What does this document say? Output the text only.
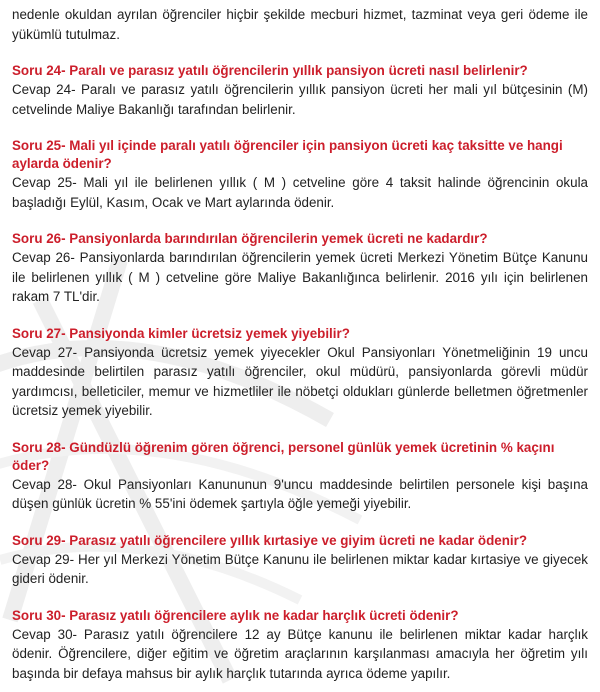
nedenle okuldan ayrılan öğrenciler hiçbir şekilde mecburi hizmet, tazminat veya geri ödeme ile yükümlü tutulmaz.

Soru 24- Paralı ve parasız yatılı öğrencilerin yıllık pansiyon ücreti nasıl belirlenir?

Cevap 24- Paralı ve parasız yatılı öğrencilerin yıllık pansiyon ücreti her mali yıl bütçesinin (M) cetvelinde Maliye Bakanlığı tarafından belirlenir.

Soru 25- Mali yıl içinde paralı yatılı öğrenciler için pansiyon ücreti kaç taksitte ve hangi aylarda ödenir?

Cevap 25- Mali yıl ile belirlenen yıllık ( M ) cetveline göre 4 taksit halinde öğrencinin okula başladığı Eylül, Kasım, Ocak ve Mart aylarında ödenir.

Soru 26- Pansiyonlarda barındırılan öğrencilerin yemek ücreti ne kadardır?

Cevap 26- Pansiyonlarda barındırılan öğrencilerin yemek ücreti Merkezi Yönetim Bütçe Kanunu ile belirlenen yıllık ( M ) cetveline göre Maliye Bakanlığınca belirlenir. 2016 yılı için belirlenen rakam 7 TL'dir.

Soru 27- Pansiyonda kimler ücretsiz yemek yiyebilir?

Cevap 27- Pansiyonda ücretsiz yemek yiyecekler Okul Pansiyonları Yönetmeliğinin 19 uncu maddesinde belirtilen parasız yatılı öğrenciler, okul müdürü, pansiyonlarda görevli müdür yardımcısı, belleticiler, memur ve hizmetliler ile nöbetçi oldukları günlerde belletmen öğretmenler ücretsiz yemek yiyebilir.

Soru 28- Gündüzlü öğrenim gören öğrenci, personel günlük yemek ücretinin % kaçını öder?

Cevap 28- Okul Pansiyonları Kanununun 9'uncu maddesinde belirtilen personele kişi başına düşen günlük ücretin % 55'ini ödemek şartıyla öğle yemeği yiyebilir.

Soru 29- Parasız yatılı öğrencilere yıllık kırtasiye ve giyim ücreti ne kadar ödenir?

Cevap 29- Her yıl Merkezi Yönetim Bütçe Kanunu ile belirlenen miktar kadar kırtasiye ve giyecek gideri ödenir.

Soru 30- Parasız yatılı öğrencilere aylık ne kadar harçlık ücreti ödenir?

Cevap 30- Parasız yatılı öğrencilere 12 ay Bütçe kanunu ile belirlenen miktar kadar harçlık ödenir. Öğrencilere, diğer eğitim ve öğretim araçlarının karşılanması amacıyla her öğretim yılı başında bir defaya mahsus bir aylık harçlık tutarında ayrıca ödeme yapılır.
